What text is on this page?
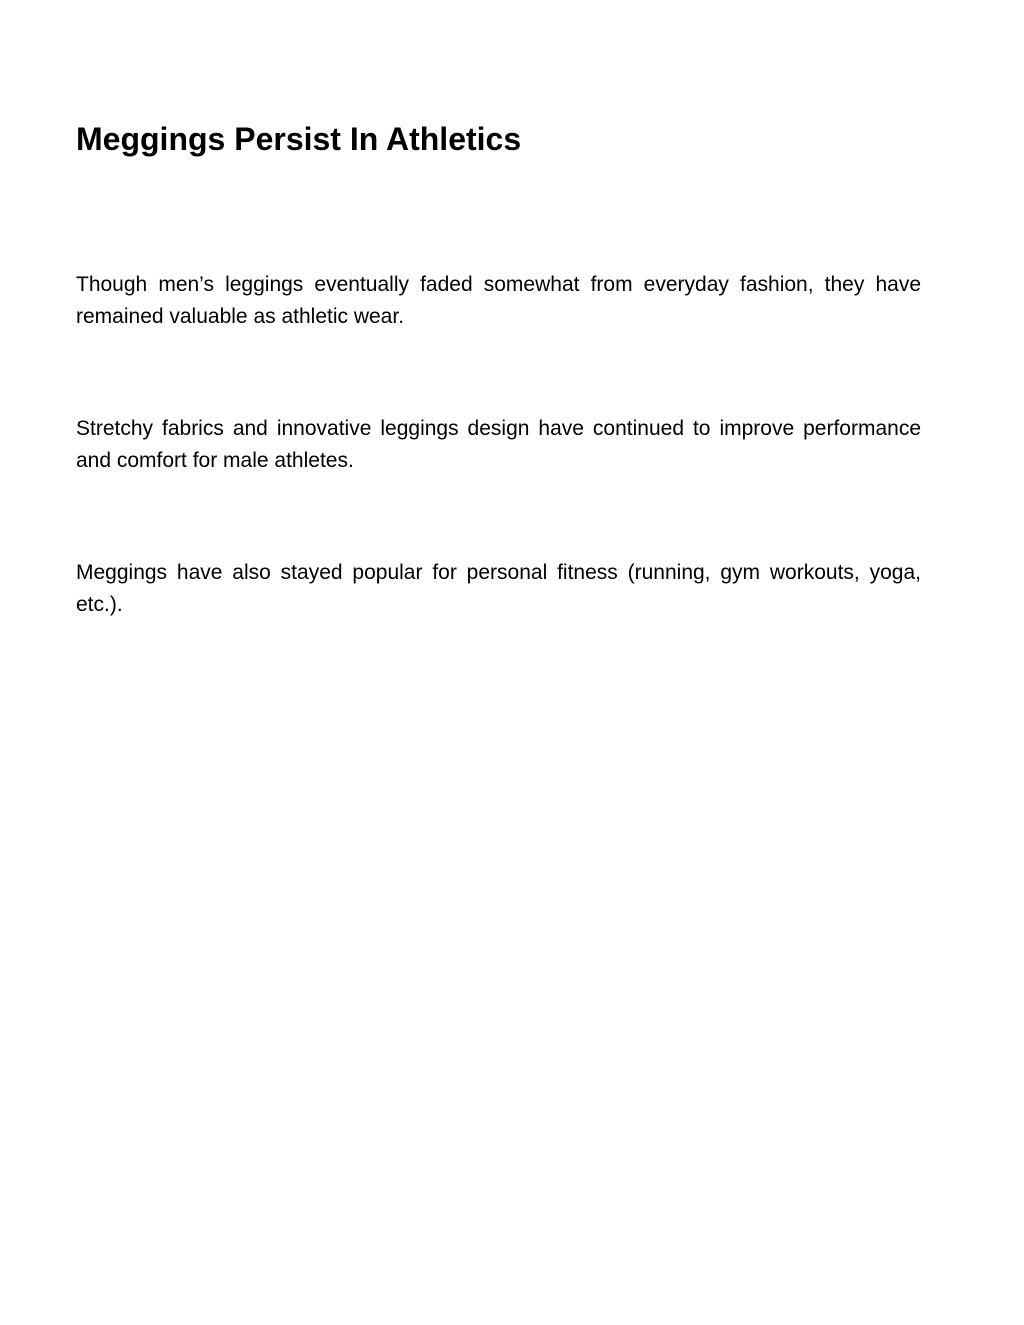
Meggings Persist In Athletics

Though men’s leggings eventually faded somewhat from everyday fashion, they have remained valuable as athletic wear.

Stretchy fabrics and innovative leggings design have continued to improve performance and comfort for male athletes.

Meggings have also stayed popular for personal fitness (running, gym workouts, yoga, etc.).
